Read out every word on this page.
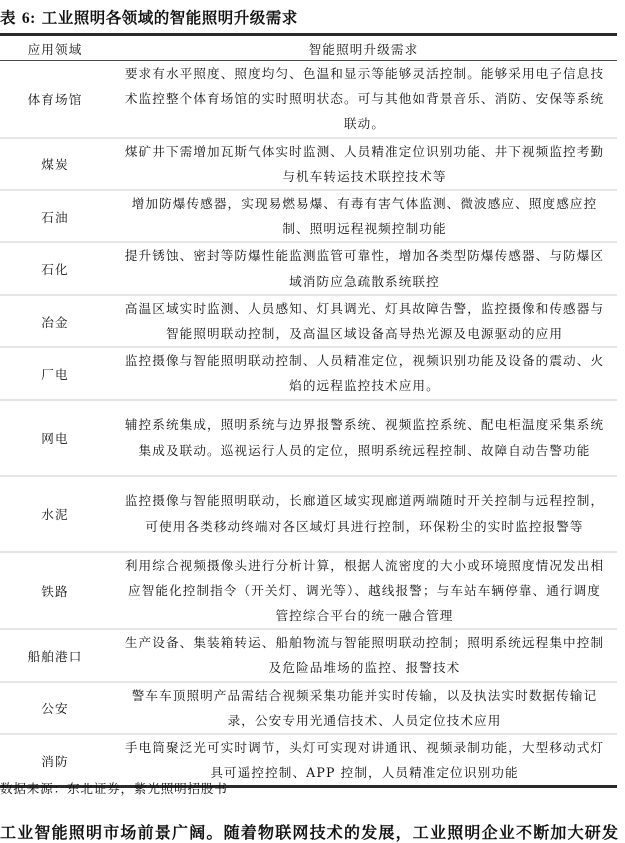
表 6: 工业照明各领域的智能照明升级需求
应用领域	智能照明升级需求
体育场馆	要求有水平照度、照度均匀、色温和显示等能够灵活控制。能够采用电子信息技术监控整个体育场馆的实时照明状态。可与其他如背景音乐、消防、安保等系统联动。
煤炭	煤矿井下需增加瓦斯气体实时监测、人员精准定位识别功能、井下视频监控考勤与机车转运技术联控技术等
石油	增加防爆传感器，实现易燃易爆、有毒有害气体监测、微波感应、照度感应控制、照明远程视频控制功能
石化	提升锈蚀、密封等防爆性能监测监管可靠性，增加各类型防爆传感器、与防爆区域消防应急疏散系统联控
冶金	高温区域实时监测、人员感知、灯具调光、灯具故障告警，监控摄像和传感器与智能照明联动控制，及高温区域设备高导热光源及电源驱动的应用
厂电	监控摄像与智能照明联动控制、人员精准定位，视频识别功能及设备的震动、火焰的远程监控技术应用。
网电	辅控系统集成，照明系统与边界报警系统、视频监控系统、配电柜温度采集系统集成及联动。巡视运行人员的定位，照明系统远程控制、故障自动告警功能
水泥	监控摄像与智能照明联动，长廊道区域实现廊道两端随时开关控制与远程控制，可使用各类移动终端对各区域灯具进行控制，环保粉尘的实时监控报警等
铁路	利用综合视频摄像头进行分析计算，根据人流密度的大小或环境照度情况发出相应智能化控制指令（开关灯、调光等）、越线报警；与车站车辆停靠、通行调度管控综合平台的统一融合管理
船舶港口	生产设备、集装箱转运、船舶物流与智能照明联动控制；照明系统远程集中控制及危险品堆场的监控、报警技术
公安	警车车顶照明产品需结合视频采集功能并实时传输，以及执法实时数据传输记录，公安专用光通信技术、人员定位技术应用
消防	手电筒聚泛光可实时调节，头灯可实现对讲通讯、视频录制功能，大型移动式灯具可遥控控制、APP 控制，人员精准定位识别功能
数据来源：东北证券，紫光照明招股书
工业智能照明市场前景广阔。随着物联网技术的发展，工业照明企业不断加大研发
